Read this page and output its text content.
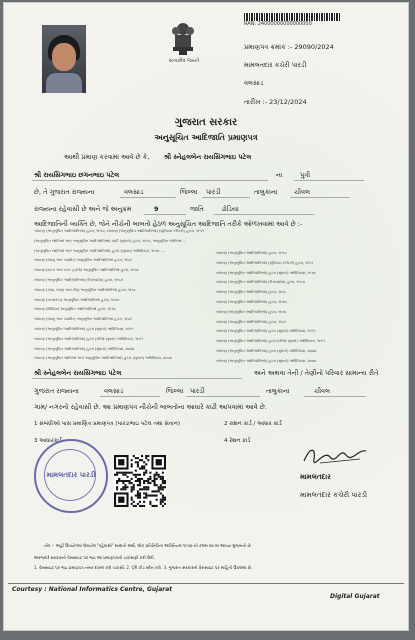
સત્યમેવ જયતે
RAN: 24000000000000000
પ્રમાણપત્ર ક્રમાંક :- 29090/2024
મામલતદાર કચેરી પારડી
વલસાડ
તારીખ :- 23/12/2024
ગુજરાત સરકાર
અનુસૂચિત આદિજાતિ પ્રમાણપત્ર
આથી પ્રમાણ કરવામાં આવે છે કે, શ્રી સ્નેહલબેન રાયસિંગભાઇ પટેલ
શ્રી રાયસિંગભાઇ છગનભાઇ પટેલ	ના	પુત્રી
છે, તે ગુજરાત રાજ્યના	વલસાડ	જિલ્લા પારડી	તાલુકાના	ચીવલ
રાજ્યના રહેવાસી છે અને જે અનુક્રમ	9	જાતિ	ઢોડિયા
આદિજાતિની વ્યક્તિ છે, જેને નીચેની બાબતો હેઠળ અનુસૂચિત આદિજાતિ તરીકે ઓળખવામાં આવે છે :-
બંધારણ (અનુસૂચિત આદિજાતિઓ) હુકમ, ૧૯૫૦, બંધારણ (અનુસૂચિત આદિજાતિઓ) (યુનિયન ટેરીટરી) હુકમ, ૧૯૫૧
(અનુસૂચિત જાતિઓ અને અનુસૂચિત આદિજાતિઓ) યાદી (સુધારો) હુકમ, ૧૯૫૬, અનુસૂચિત જાતિઓ ...
(અનુસૂચિત જાતિઓ અને અનુસૂચિત આદિજાતિઓ) હુકમ (સુધારા) અધિનિયમ, ૧૯૭૬, ...
બંધારણ (જમ્મુ અને કાશ્મીર) અનુસૂચિત આદિજાતિઓ હુકમ, ૧૯૮૯
બંધારણ (દાદરા અને નગર હવેલી) અનુસૂચિત આદિજાતિઓ હુકમ, ૧૯૬૨
બંધારણ (અનુસૂચિત આદિજાતિઓ) (ઉત્તરપ્રદેશ) હુકમ, ૧૯૬૭
બંધારણ (ગોવા, દમણ અને દીવ) અનુસૂચિત આદિજાતિઓ હુકમ, ૧૯૬૮
બંધારણ (નાગાલેન્ડ) અનુસૂચિત આદિજાતિઓ હુકમ, ૧૯૭૦
બંધારણ (સિક્કિમ) અનુસૂચિત આદિજાતિઓ હુકમ, ૧૯૭૮
બંધારણ (જમ્મુ અને કાશ્મીર) અનુસૂચિત આદિજાતિઓ હુકમ, ૧૯૮૯
બંધારણ (અનુસૂચિત આદિજાતિઓ) હુકમ (સુધારો) અધિનિયમ, ૧૯૯૧
બંધારણ (અનુસૂચિત આદિજાતિઓ) હુકમ (બીજો સુધારો) અધિનિયમ, ૧૯૯૧
બંધારણ (અનુસૂચિત આદિજાતિઓ) હુકમ (સુધારો) અધિનિયમ, ૨૦૦૨
બંધારણ (અનુસૂચિત જાતિઓ અને અનુસૂચિત આદિજાતિઓ) હુકમ (સુધારો) અધિનિયમ, ૨૦૦૨
બંધારણ (અનુસૂચિત આદિજાતિઓ) હુકમ, ૧૯૫૦
બંધારણ (અનુસૂચિત આદિજાતિઓ) (યુનિયન ટેરીટરી) હુકમ, ૧૯૫૧
બંધારણ (અનુસૂચિત આદિજાતિઓ) હુકમ (સુધારો) અધિનિયમ, ૧૯૭૬
બંધારણ (અનુસૂચિત આદિજાતિઓ) (ઉત્તરપ્રદેશ) હુકમ, ૧૯૬૭
બંધારણ (અનુસૂચિત આદિજાતિઓ) હુકમ, ૧૯૬૮
બંધારણ (અનુસૂચિત આદિજાતિઓ) હુકમ, ૧૯૭૦
બંધારણ (અનુસૂચિત આદિજાતિઓ) હુકમ, ૧૯૭૮
બંધારણ (અનુસૂચિત આદિજાતિઓ) હુકમ, ૧૯૮૯
બંધારણ (અનુસૂચિત આદિજાતિઓ) હુકમ (સુધારો) અધિનિયમ, ૧૯૯૧
બંધારણ (અનુસૂચિત આદિજાતિઓ) હુકમ (બીજો સુધારો) અધિનિયમ, ૧૯૯૧
બંધારણ (અનુસૂચિત આદિજાતિઓ) હુકમ (સુધારો) અધિનિયમ, ૨૦૦૨
બંધારણ (અનુસૂચિત આદિજાતિઓ) હુકમ (સુધારો) અધિનિયમ, ૨૦૦૨
શ્રી સ્નેહલબેન રાયસિંગભાઇ પટેલ	અને અથવા તેની / તેણીનો પરિવાર સામાન્ય રીતે
ગુજરાત રાજ્યના	વલસાડ	જિલ્લા પારડી	તાલુકાના	ચીવલ
ગામ/ નગરનો રહેવાસી છે. આ પ્રમાણપત્ર નીચેની બાબતોના આધારે કાઢી આપવામાં આવે છે.
1 સંબંધીઓ પાસ પ્રમાણિત પ્રમાણપત્ર (પારડાભાઇ પટેલ તથા સંતાન)	2 રાશન કાર્ડ / આધાર કાર્ડ
3 આધારકાર્ડ	4 રેશન કાર્ડ
મામલતદાર પારડી	મામલતદાર
મામલતદાર કચેરી પારડી
નોંધ :- અહીં ઉપયોગમાં લેવાયેલ "રહેવાસી" શબ્દનો અર્થ, લોક પ્રતિનિધિત્વ અધિનિયમ ૧૯૫૦ ની કલમ ૨૦ માં આપ્યા મુજબનો છે.
અરજદારે સરકારની વેબસાઇટ પર જઇ આ પ્રમાણપત્રની ચકાસણી કરી લેવી.
1. વેબસાઇટ પર જઇ પ્રમાણપત્ર નંબર દાખલ કરી ચકાસો. 2. QR કોડ સ્કેન કરો. 3. ગુજરાત સરકારની વેબસાઇટ પર માહિતી ઉપલબ્ધ છે.
Courtesy : National Informatics Centre, Gujarat
Digital Gujarat
